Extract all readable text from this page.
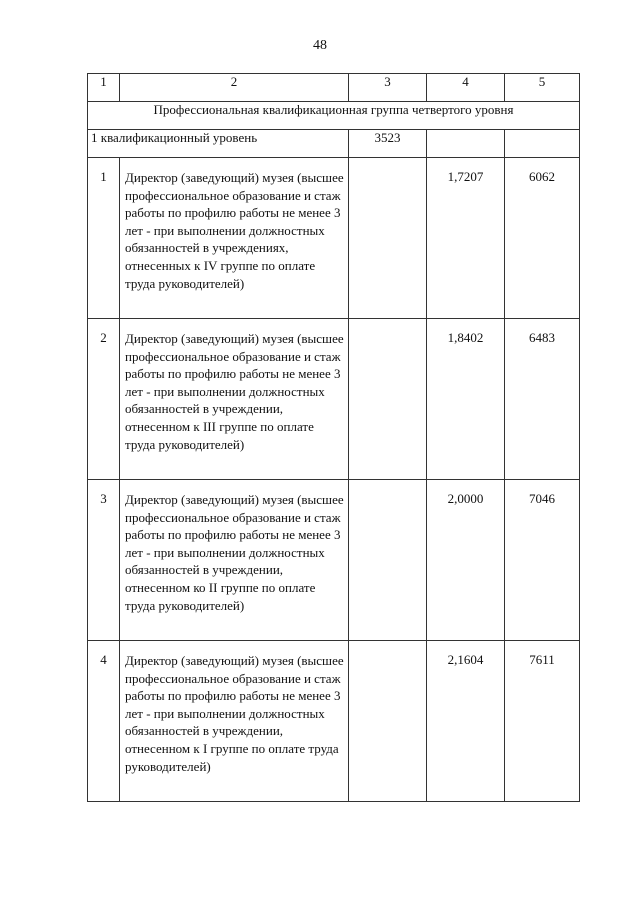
48
1	2	3	4	5
Профессиональная квалификационная группа четвертого уровня				
1 квалификационный уровень		3523		
1	Директор (заведующий) музея (высшее профессиональное образование и стаж работы по профилю работы не менее 3 лет - при выполнении должностных обязанностей в учреждениях, отнесенных к IV группе по оплате труда руководителей)		1,7207	6062
2	Директор (заведующий) музея (высшее профессиональное образование и стаж работы по профилю работы не менее 3 лет - при выполнении должностных обязанностей в учреждении, отнесенном к III группе по оплате труда руководителей)		1,8402	6483
3	Директор (заведующий) музея (высшее профессиональное образование и стаж работы по профилю работы не менее 3 лет - при выполнении должностных обязанностей в учреждении, отнесенном ко II группе по оплате труда руководителей)		2,0000	7046
4	Директор (заведующий) музея (высшее профессиональное образование и стаж работы по профилю работы не менее 3 лет - при выполнении должностных обязанностей в учреждении, отнесенном к I группе по оплате труда руководителей)		2,1604	7611
